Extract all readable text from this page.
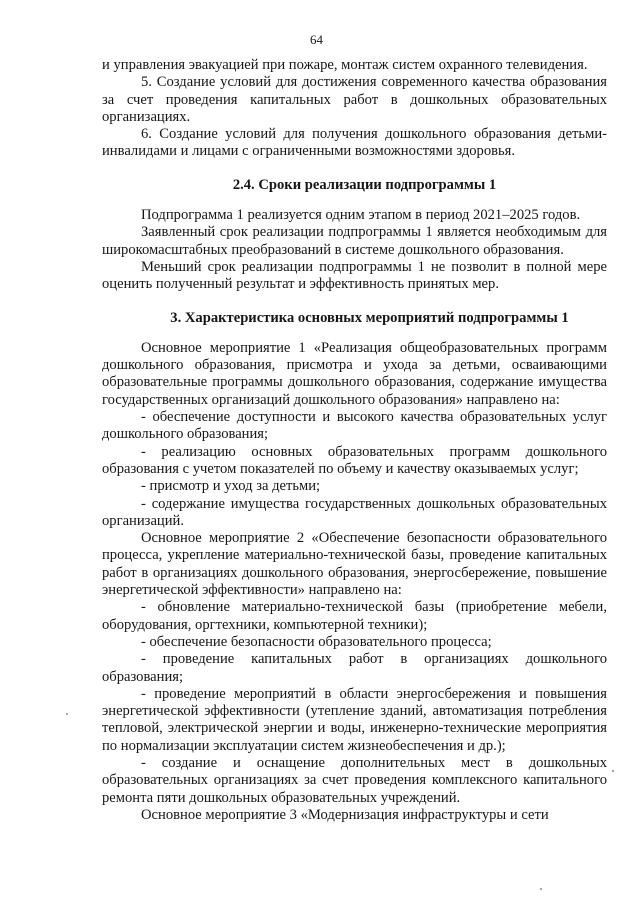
64

и управления эвакуацией при пожаре, монтаж систем охранного телевидения.

5. Создание условий для достижения современного качества образования за счет проведения капитальных работ в дошкольных образовательных организациях.

6. Создание условий для получения дошкольного образования детьми-инвалидами и лицами с ограниченными возможностями здоровья.

2.4. Сроки реализации подпрограммы 1

Подпрограмма 1 реализуется одним этапом в период 2021–2025 годов.

Заявленный срок реализации подпрограммы 1 является необходимым для широкомасштабных преобразований в системе дошкольного образования.

Меньший срок реализации подпрограммы 1 не позволит в полной мере оценить полученный результат и эффективность принятых мер.

3. Характеристика основных мероприятий подпрограммы 1

Основное мероприятие 1 «Реализация общеобразовательных программ дошкольного образования, присмотра и ухода за детьми, осваивающими образовательные программы дошкольного образования, содержание имущества государственных организаций дошкольного образования» направлено на:

- обеспечение доступности и высокого качества образовательных услуг дошкольного образования;

- реализацию основных образовательных программ дошкольного образования с учетом показателей по объему и качеству оказываемых услуг;

- присмотр и уход за детьми;

- содержание имущества государственных дошкольных образовательных организаций.

Основное мероприятие 2 «Обеспечение безопасности образовательного процесса, укрепление материально-технической базы, проведение капитальных работ в организациях дошкольного образования, энергосбережение, повышение энергетической эффективности» направлено на:

- обновление материально-технической базы (приобретение мебели, оборудования, оргтехники, компьютерной техники);

- обеспечение безопасности образовательного процесса;

- проведение капитальных работ в организациях дошкольного образования;

- проведение мероприятий в области энергосбережения и повышения энергетической эффективности (утепление зданий, автоматизация потребления тепловой, электрической энергии и воды, инженерно-технические мероприятия по нормализации эксплуатации систем жизнеобеспечения и др.);

- создание и оснащение дополнительных мест в дошкольных образовательных организациях за счет проведения комплексного капитального ремонта пяти дошкольных образовательных учреждений.

Основное мероприятие 3 «Модернизация инфраструктуры и сети
